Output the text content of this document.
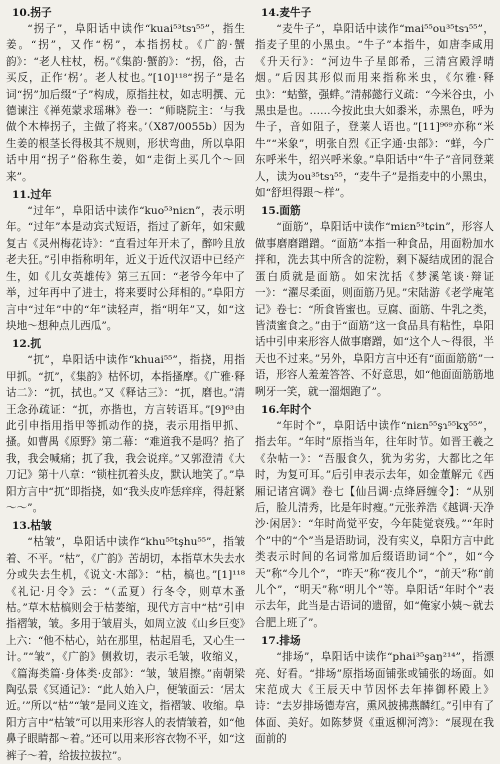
10.拐子

“拐子”，阜阳话中读作“kuai⁵³tsɿ⁵⁵”，指生姜。“拐”，又作“柺”，本指拐杖。《广韵·蟹韵》：“老人柱杖，柺。”《集韵·蟹韵》：“拐，俗，古买反，正作‘柺’。老人杖也。”[10]¹¹⁸“拐子”是名词“拐”加后缀“子”构成，原指拄杖，如志明撰、元德谏注《禅苑蒙求瑶琳》卷一：“师晓院主：‘与我做个木棒拐子，主做了将来。’（X87/0055b）因为生姜的根茎长得极其不规则，形状弯曲，所以阜阳话中用“拐子”俗称生姜，如“走街上买几个～回来”。

11.过年

“过年”，阜阳话中读作“kuo⁵³niɛn”，表示明年。“过年”本是动宾式短语，指过了新年，如宋戴复古《灵州梅花诗》：“直看过年开未了，醉吟且放老夫狂。”引申指称明年，近义于近代汉语中已经产生，如《儿女英雄传》第三五回：“老爷今年中了举，过年再中了进士，将来要时公拜相的。”阜阳方言中“过年”中的“年”读轻声，指“明年”又，如“这块地～想种点儿西瓜”。

12.扤

“扤”，阜阳话中读作“khuai⁵⁵”，指挠，用指甲抓。“扤”，《集韵》枯怀切，本指搔摩。《广雅·释诂二》：“扤，拭也。”又《释诂三》：“扤，磨也。”清王念孙疏证：“扤，亦揩也，方言转语耳。”[9]⁶³由此引申指用指甲等抓动作的挠，表示用指甲抓、搔。如曹禺《原野》第二幕：“难道我不是吗？掐了我，我会喊痛；扤了我，我会说痒。”又郭澄清《大刀记》第十八章：“锁柱扤着头皮，默认地笑了。”阜阳方言中“扤”即指挠，如“我头皮咋恁痒痒，得赶紧～～”。

13.枯皱

“枯皱”，阜阳话中读作“khu⁵⁵tşhu⁵⁵”，指皱着、不平。“枯”，《广韵》苦胡切，本指草木失去水分或失去生机，《说文·木部》：“枯，槁也。”[1]¹¹⁸《礼记·月令》云：“（孟夏）行冬令，则草木蚤枯。”草木枯槁则会于枯萎缩，现代方言中“枯”引申指褶皱，皱。多用于皱眉头，如周立波《山乡巨变》上六：“他不枯心，站在那里，枯起眉毛，又心生一计。”“皱”，《广韵》侧救切，表示毛皱，收缩义，《篇海类篇·身体类·皮部》：“皱，皱眉擦。”南朝梁陶弘景《冥通记》：“此人始入户，便皱面云：‘居太近。’”所以“枯”“皱”是同义连文，指褶皱、收缩。阜阳方言中“枯皱”可以用来形容人的表情皱着，如“他鼻子眼睛都～着。”还可以用来形容衣物不平，如“这裤子～着，给拔拉拔拉”。

14.麦牛子

“麦牛子”，阜阳话中读作“mai⁵⁵ou³⁵tsɿ⁵⁵”，指麦子里的小黑虫。“牛子”本指牛，如唐李咸用《升天行》：“河边牛子星郎希，三清宫殿浮晴烟。”后因其形似而用来指称米虫，《尔雅·释虫》：“蛄螫，强蝆。”清郝懿行义疏：“今米谷虫，小黑虫是也。……今按此虫大如黍米，赤黑色，呼为牛子，音如阻子，登莱人语也。”[11]⁹⁶⁹亦称“米牛”“米象”，明张自烈《正字通·虫部》：“蛘，今广东呼米牛，绍兴呼米象。”阜阳话中“牛子”音同登莱人，读为ou³⁵tsɿ⁵⁵，“麦牛子”是指麦中的小黑虫，如“舒坦得跟～样”。

15.面筋

“面筋”，阜阳话中读作“miɛn⁵³tɕin”，形容人做事磨磨蹭蹭。“面筋”本指一种食品，用面粉加水拌和，洗去其中所含的淀粉，剩下凝结成团的混合蛋白质就是面筋。如宋沈括《梦溪笔谈·辩证一》：“濯尽柔面，则面筋乃见。”宋陆游《老学庵笔记》卷七：“所食皆蜜也。豆腐、面筋、牛乳之类，皆渍蜜食之。”由于“面筋”这一食品具有粘性，阜阳话中引申来形容人做事磨蹭，如“这个人～得很，半天也不过来。”另外，阜阳方言中还有“面面筋筋”一语，形容人羞羞答答、不好意思，如“他面面筋筋地咧牙一笑，就一溜烟跑了”。

16.年时个

“年时个”，阜阳话中读作“niɛn⁵⁵şɿ⁵⁵kɣ⁵⁵”，指去年。“年时”原指当年，往年时节。如晋王羲之《杂帖一》：“吾服食久，犹为劣劣，大都比之年时，为复可耳。”后引申表示去年，如金董解元《西厢记诸宫调》卷七【仙吕调·点绛唇缠令】：“从别后，脸儿清秀，比是年时瘦。”元张养浩《越调·天净沙·闲居》：“年时尚觉平安，今年陡觉衰残。”“年时个”中的“个”当是语助词，没有实义，阜阳方言中此类表示时间的名词常加后缀语助词“个”，如“今天”称“今儿个”，“昨天”称“夜儿个”，“前天”称“前儿个”，“明天”称“明儿个”等。阜阳话“年时个”表示去年，此当是古语词的遗留，如“俺家小姨～就去合肥上班了”。

17.排场

“排场”，阜阳话中读作“phai³⁵şaŋ²¹⁴”，指漂亮、好看。“排场”原指场面铺张或铺张的场面。如宋范成大《王辰天中节因怀去年捧御杯殿上》诗：“去岁排场德寿宫，熏风披拂燕麟红。”引申有了体面、美好。如陈梦贤《重返柳河湾》：“展现在我面前的
